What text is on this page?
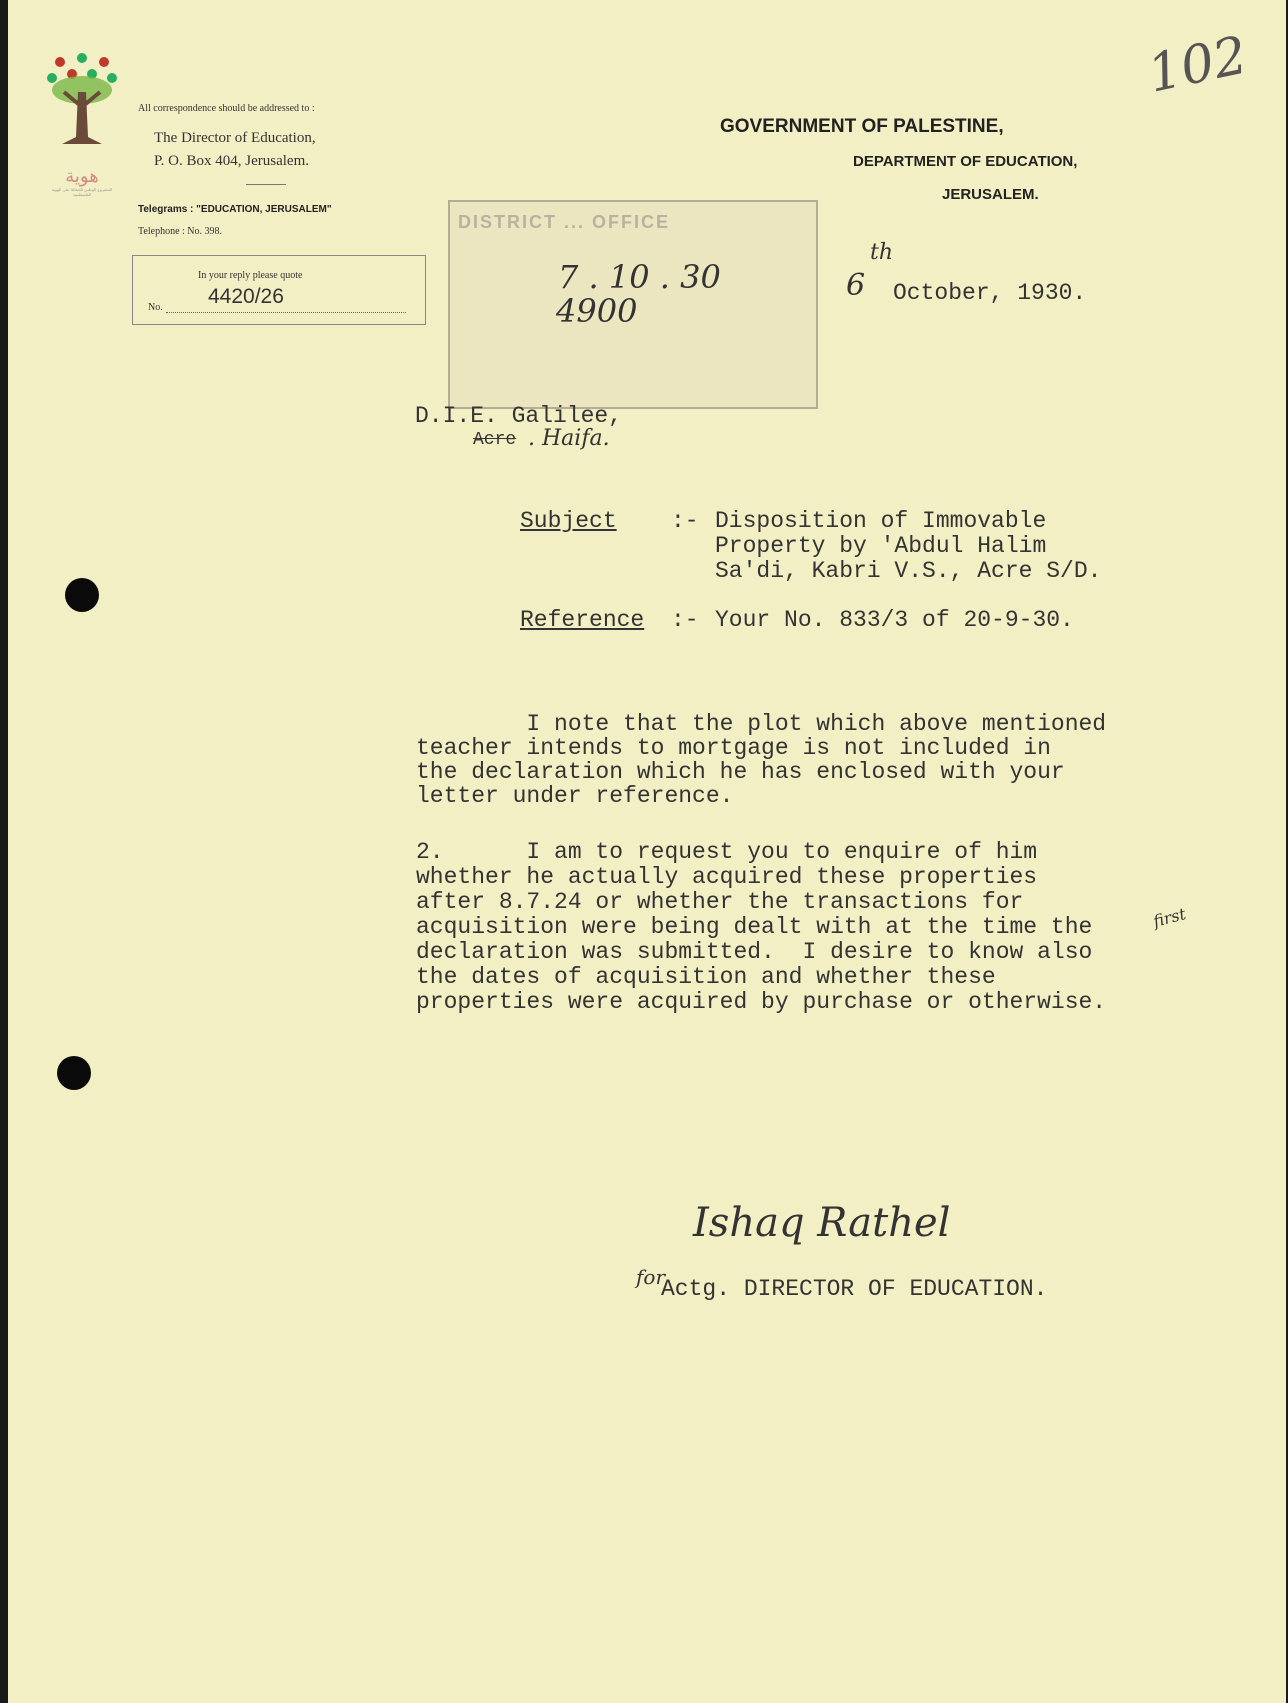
هوية
المشروع الوطني للحفاظ على الهوية الفلسطينية
102
All correspondence should be addressed to :
The Director of Education,
P. O. Box 404, Jerusalem.
Telegrams : "EDUCATION, JERUSALEM"
Telephone : No. 398.
In your reply please quote
No. 4420/26
GOVERNMENT OF PALESTINE,
DEPARTMENT OF EDUCATION,
JERUSALEM.
DISTRICT ... OFFICE
7 . 10 . 30
4900
6
th
October, 1930.
D.I.E. Galilee,
Acre . Haifa.
Subject :- Disposition of Immovable
Property by 'Abdul Halim
Sa'di, Kabri V.S., Acre S/D.
Reference :- Your No. 833/3 of 20-9-30.
I note that the plot which above mentioned
teacher intends to mortgage is not included in
the declaration which he has enclosed with your
letter under reference.
2.      I am to request you to enquire of him
whether he actually acquired these properties
after 8.7.24 or whether the transactions for
acquisition were being dealt with at the time the
declaration was submitted.  I desire to know also
the dates of acquisition and whether these
properties were acquired by purchase or otherwise.
first
Ishaq Rathel
for
Actg. DIRECTOR OF EDUCATION.
